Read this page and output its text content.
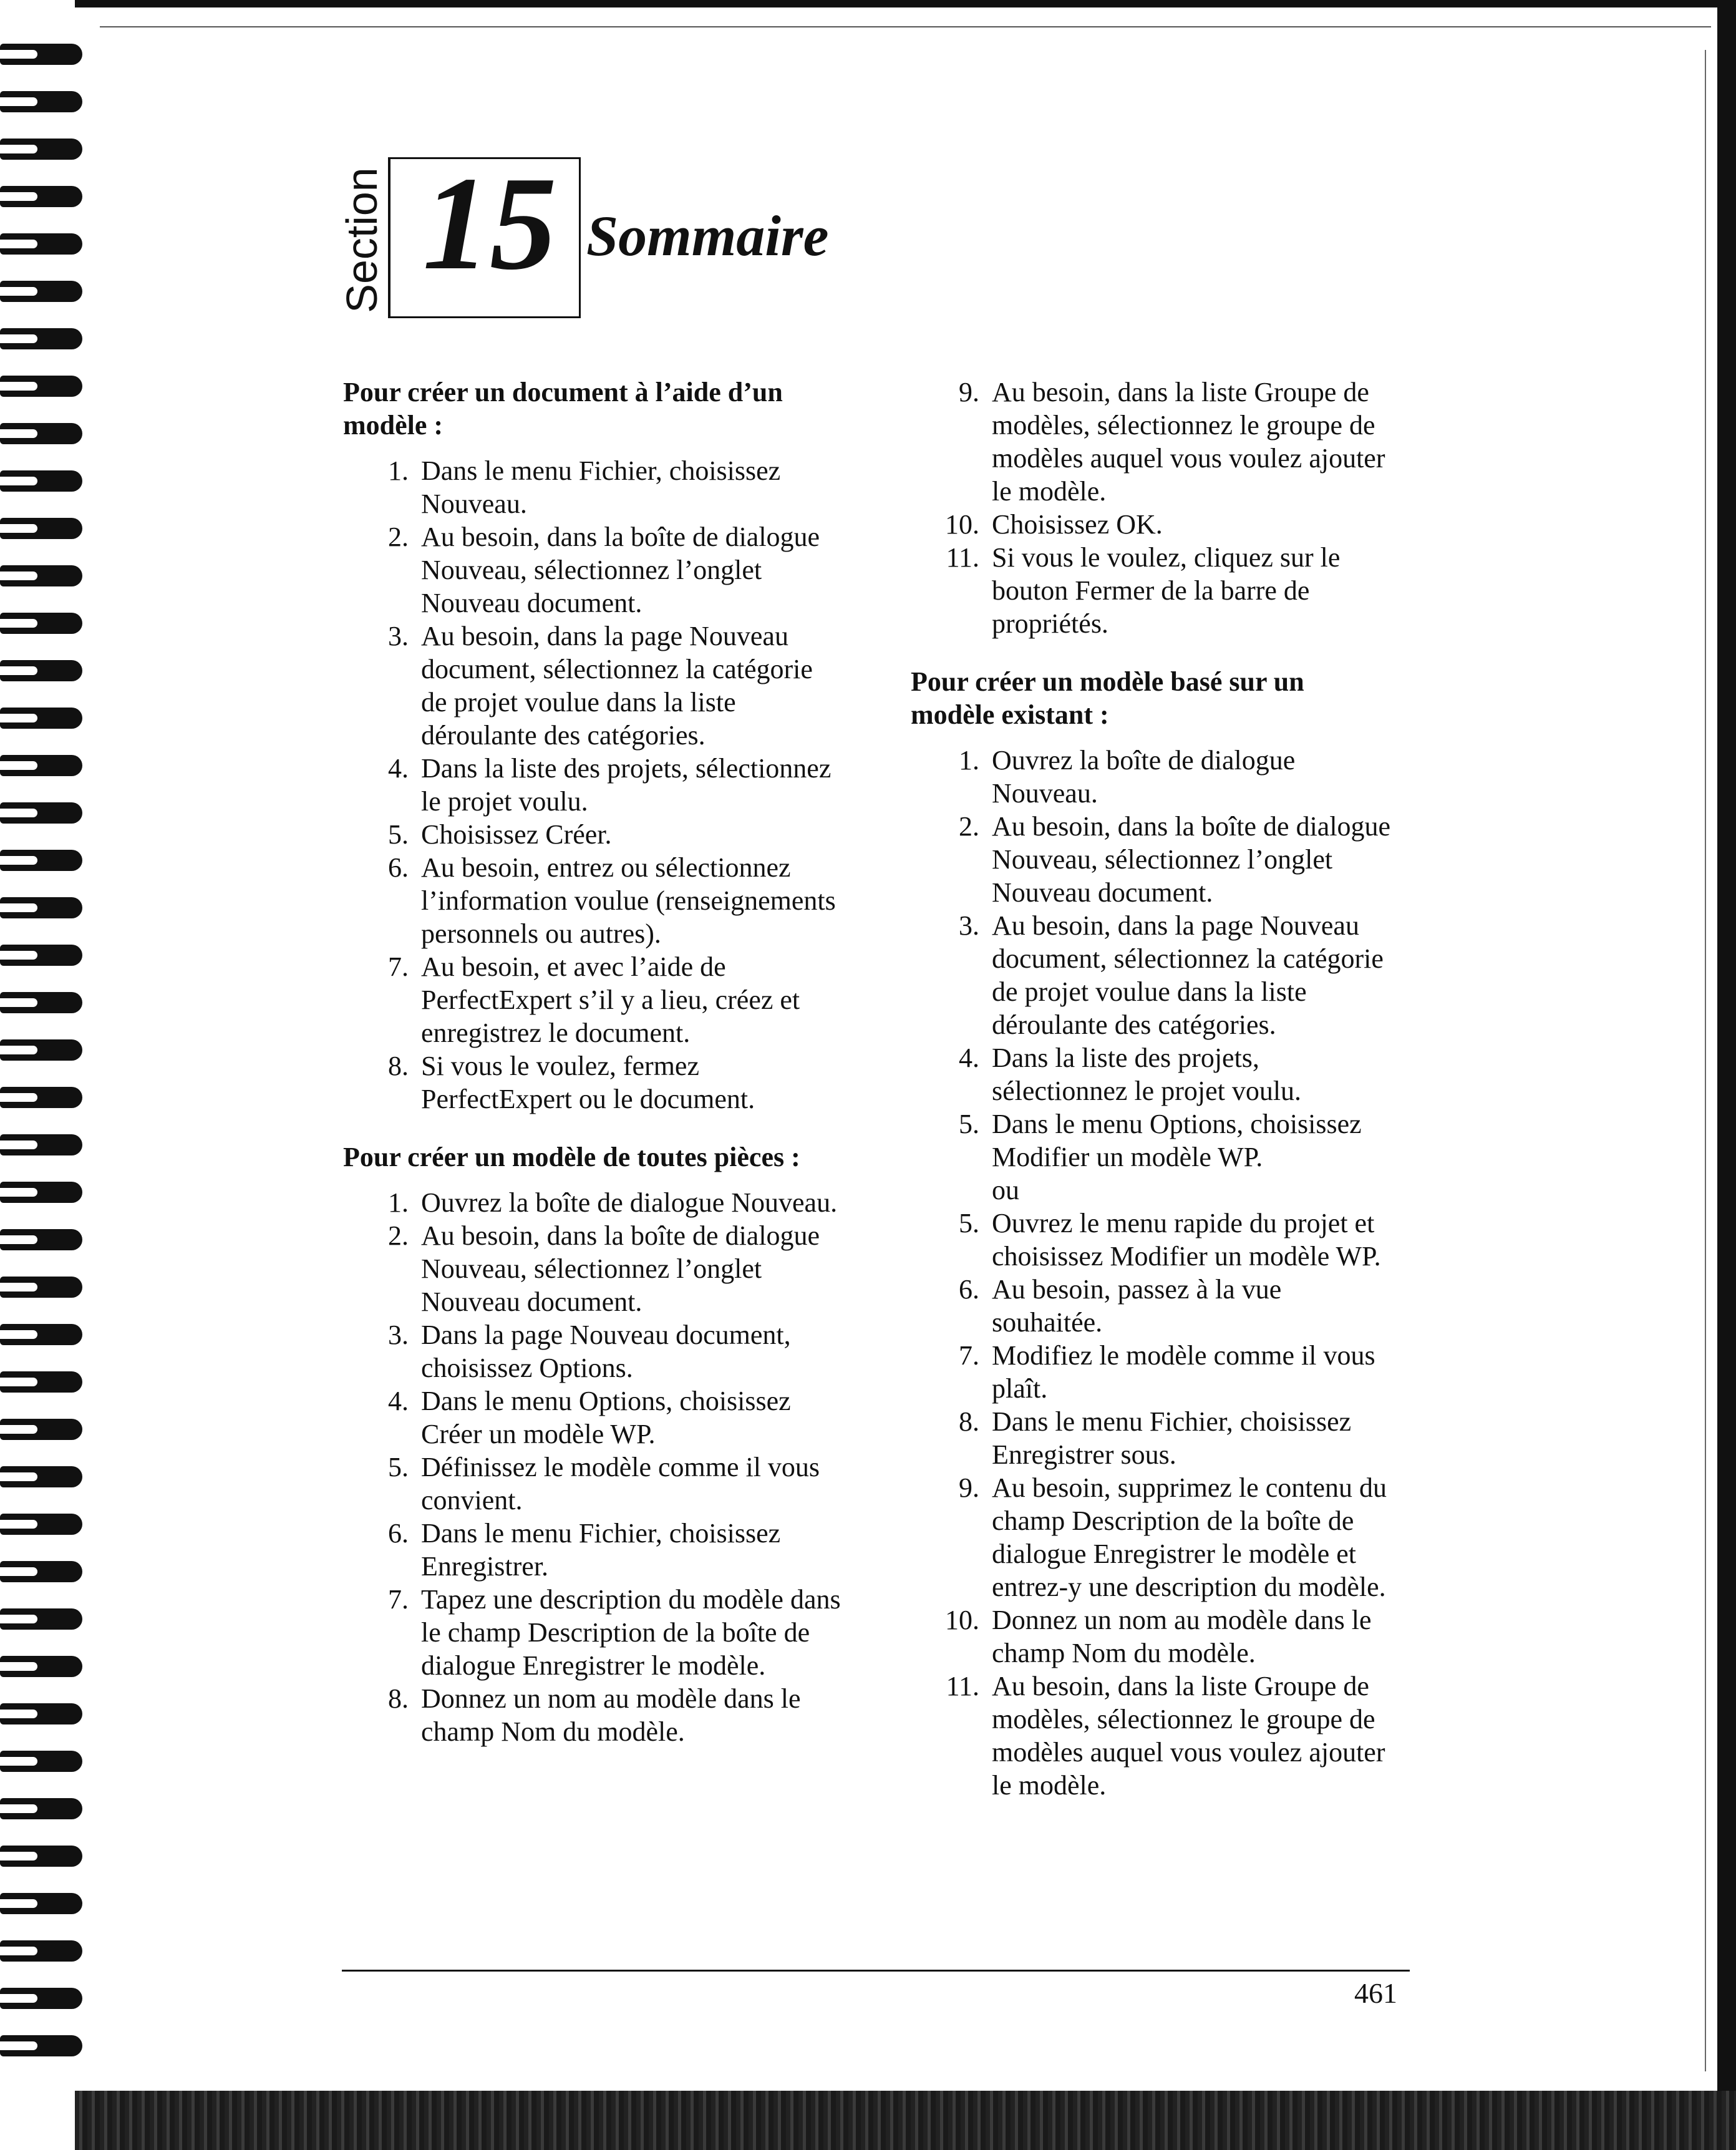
Section 15 Sommaire
Pour créer un document à l’aide d’un modèle :
1. Dans le menu Fichier, choisissez Nouveau.
2. Au besoin, dans la boîte de dialogue Nouveau, sélectionnez l’onglet Nouveau document.
3. Au besoin, dans la page Nouveau document, sélectionnez la catégorie de projet voulue dans la liste déroulante des catégories.
4. Dans la liste des projets, sélectionnez le projet voulu.
5. Choisissez Créer.
6. Au besoin, entrez ou sélectionnez l’information voulue (renseignements personnels ou autres).
7. Au besoin, et avec l’aide de PerfectExpert s’il y a lieu, créez et enregistrez le document.
8. Si vous le voulez, fermez PerfectExpert ou le document.
Pour créer un modèle de toutes pièces :
1. Ouvrez la boîte de dialogue Nouveau.
2. Au besoin, dans la boîte de dialogue Nouveau, sélectionnez l’onglet Nouveau document.
3. Dans la page Nouveau document, choisissez Options.
4. Dans le menu Options, choisissez Créer un modèle WP.
5. Définissez le modèle comme il vous convient.
6. Dans le menu Fichier, choisissez Enregistrer.
7. Tapez une description du modèle dans le champ Description de la boîte de dialogue Enregistrer le modèle.
8. Donnez un nom au modèle dans le champ Nom du modèle.
9. Au besoin, dans la liste Groupe de modèles, sélectionnez le groupe de modèles auquel vous voulez ajouter le modèle.
10. Choisissez OK.
11. Si vous le voulez, cliquez sur le bouton Fermer de la barre de propriétés.
Pour créer un modèle basé sur un modèle existant :
1. Ouvrez la boîte de dialogue Nouveau.
2. Au besoin, dans la boîte de dialogue Nouveau, sélectionnez l’onglet Nouveau document.
3. Au besoin, dans la page Nouveau document, sélectionnez la catégorie de projet voulue dans la liste déroulante des catégories.
4. Dans la liste des projets, sélectionnez le projet voulu.
5. Dans le menu Options, choisissez Modifier un modèle WP.
ou
5. Ouvrez le menu rapide du projet et choisissez Modifier un modèle WP.
6. Au besoin, passez à la vue souhaitée.
7. Modifiez le modèle comme il vous plaît.
8. Dans le menu Fichier, choisissez Enregistrer sous.
9. Au besoin, supprimez le contenu du champ Description de la boîte de dialogue Enregistrer le modèle et entrez-y une description du modèle.
10. Donnez un nom au modèle dans le champ Nom du modèle.
11. Au besoin, dans la liste Groupe de modèles, sélectionnez le groupe de modèles auquel vous voulez ajouter le modèle.
461
